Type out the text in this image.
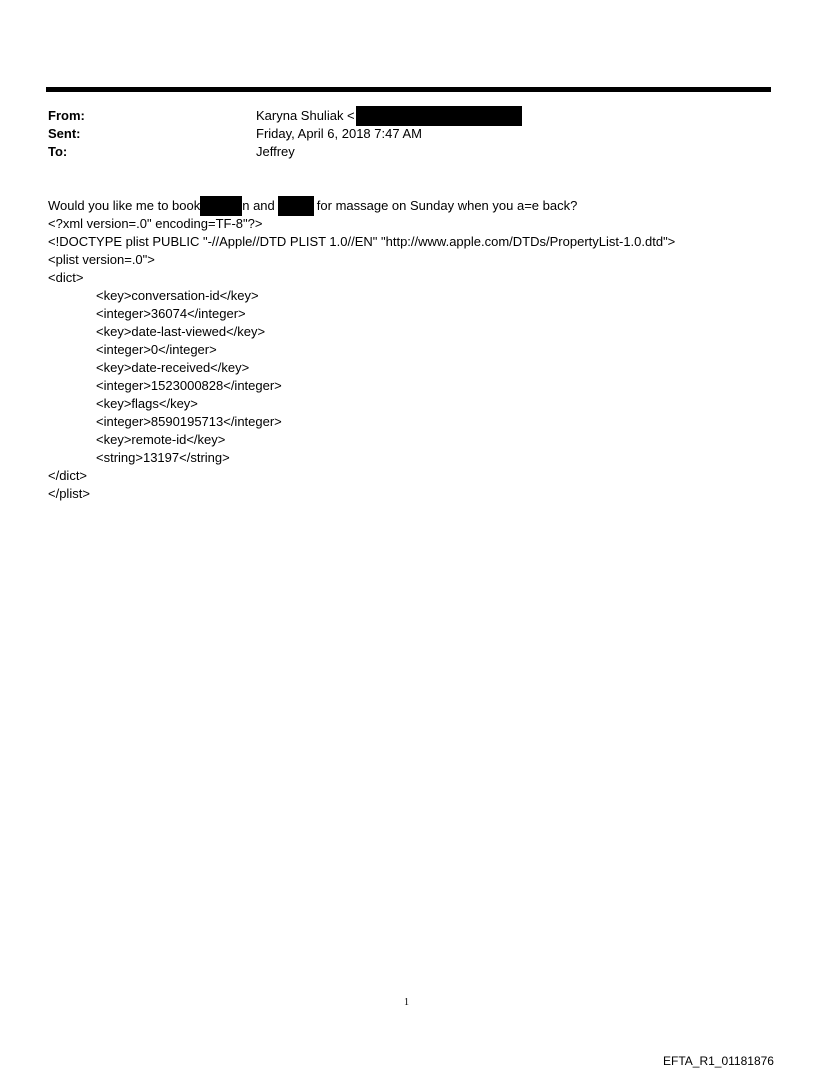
From:	Karyna Shuliak <
Sent:	Friday, April 6, 2018 7:47 AM
To:	Jeffrey
Would you like me to book	n and	for massage on Sunday when you a=e back?
<?xml version=.0" encoding=TF-8"?>
<!DOCTYPE plist PUBLIC "-//Apple//DTD PLIST 1.0//EN" "http://www.apple.com/DTDs/PropertyList-1.0.dtd">
<plist version=.0">
<dict>
<key>conversation-id</key>
<integer>36074</integer>
<key>date-last-viewed</key>
<integer>0</integer>
<key>date-received</key>
<integer>1523000828</integer>
<key>flags</key>
<integer>8590195713</integer>
<key>remote-id</key>
<string>13197</string>
</dict>
</plist>
1
EFTA_R1_01181876
